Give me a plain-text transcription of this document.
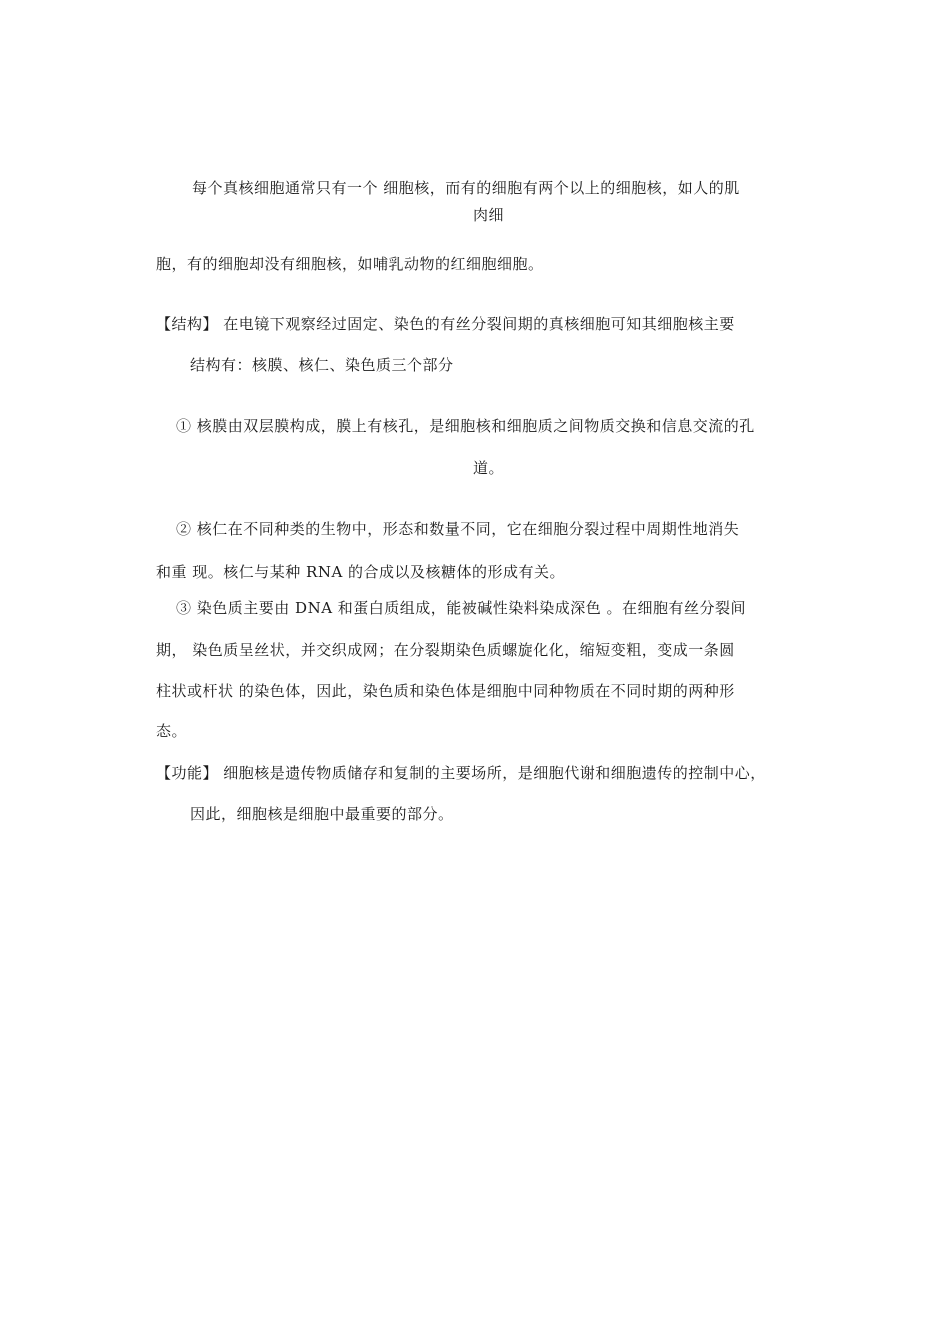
每个真核细胞通常只有一个 细胞核，而有的细胞有两个以上的细胞核，如人的肌
肉细
胞，有的细胞却没有细胞核，如哺乳动物的红细胞细胞。
【结构】 在电镜下观察经过固定、染色的有丝分裂间期的真核细胞可知其细胞核主要
结构有：核膜、核仁、染色质三个部分
① 核膜由双层膜构成，膜上有核孔，是细胞核和细胞质之间物质交换和信息交流的孔
道。
② 核仁在不同种类的生物中，形态和数量不同，它在细胞分裂过程中周期性地消失
和重 现。核仁与某种 RNA 的合成以及核糖体的形成有关。
③ 染色质主要由 DNA 和蛋白质组成，能被碱性染料染成深色 。在细胞有丝分裂间
期， 染色质呈丝状，并交织成网；在分裂期染色质螺旋化化，缩短变粗，变成一条圆
柱状或杆状 的染色体，因此，染色质和染色体是细胞中同种物质在不同时期的两种形
态。
【功能】 细胞核是遗传物质储存和复制的主要场所，是细胞代谢和细胞遗传的控制中心，
因此，细胞核是细胞中最重要的部分。
